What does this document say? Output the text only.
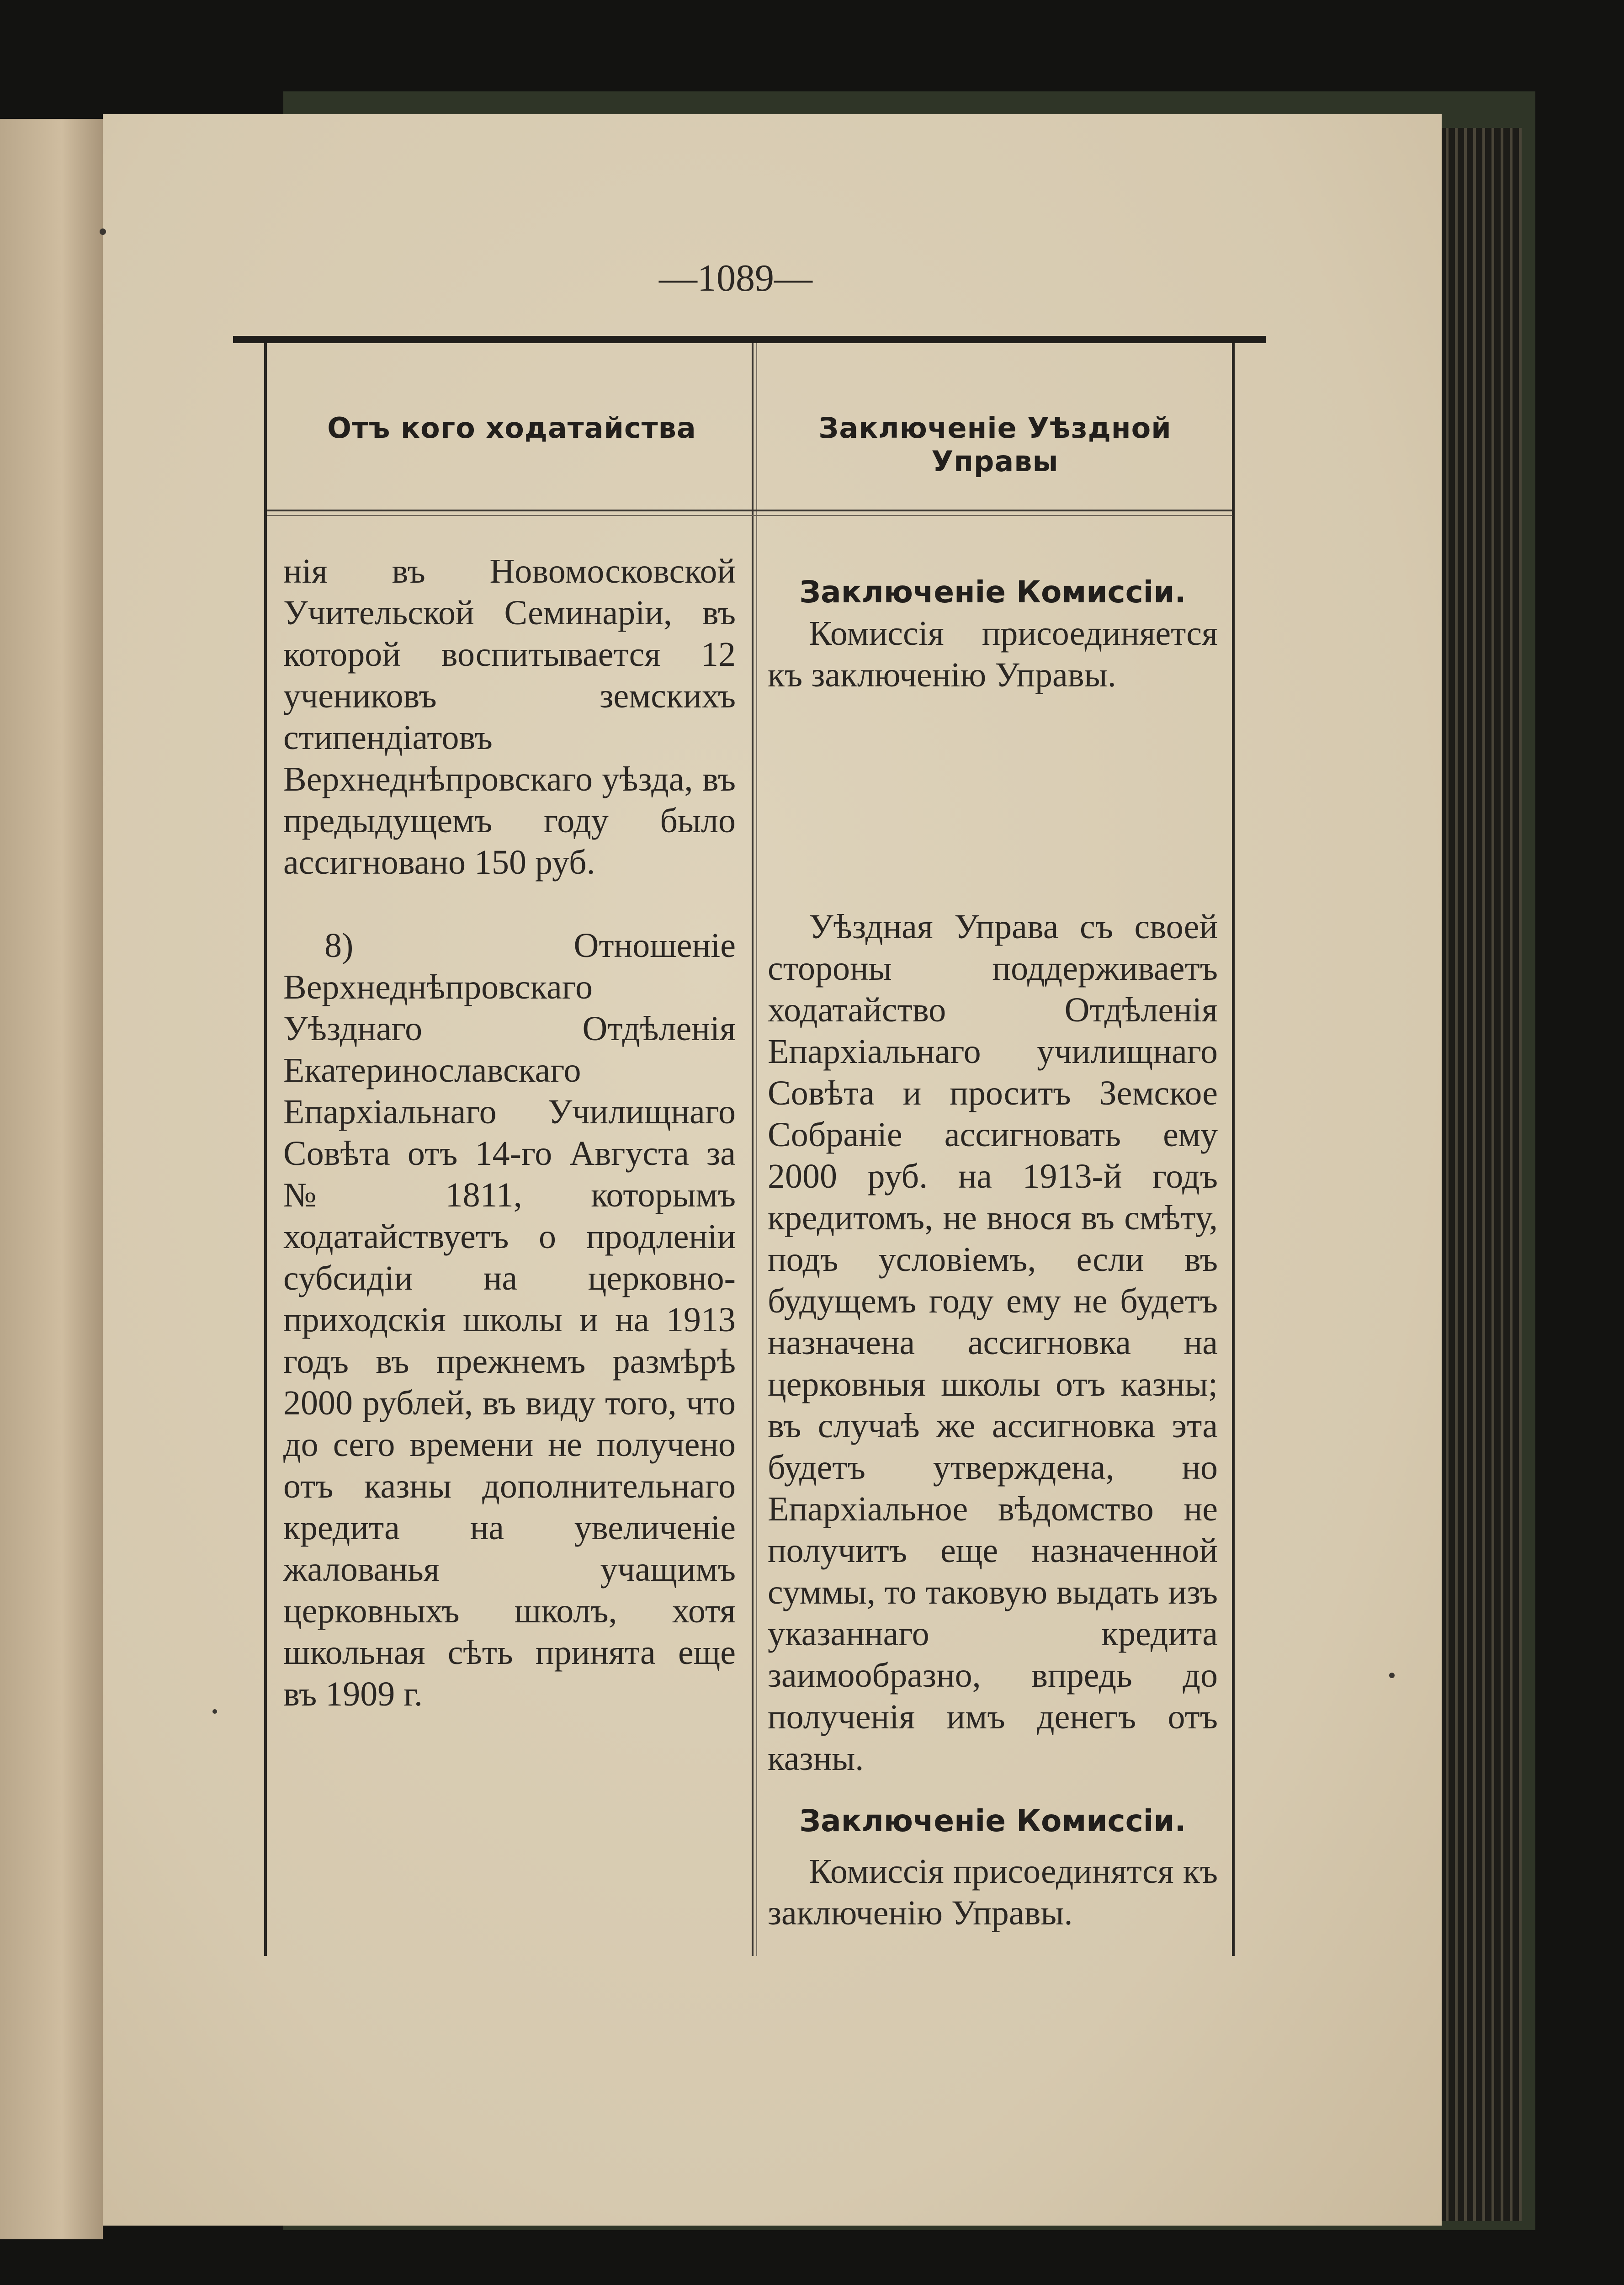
—1089—
Отъ кого ходатайства	Заключеніе Уѣздной Управы

нія въ Новомосковской Учительской Семинаріи, въ которой воспитывается 12 учениковъ земскихъ стипендіатовъ Верхнеднѣпровскаго уѣзда, въ предыдущемъ году было ассигновано 150 руб.

8) Отношеніе Верхнеднѣпровскаго Уѣзднаго Отдѣленія Екатеринославскаго Епархіальнаго Училищнаго Совѣта отъ 14-го Августа за № 1811, которымъ ходатайствуетъ о продленіи субсидіи на церковно-приходскія школы и на 1913 годъ въ прежнемъ размѣрѣ 2000 рублей, въ виду того, что до сего времени не получено отъ казны дополнительнаго кредита на увеличеніе жалованья учащимъ церковныхъ школъ, хотя школьная сѣть принята еще въ 1909 г.

Заключеніе Комиссіи.

Комиссія присоединяется къ заключенію Управы.

Уѣздная Управа съ своей стороны поддерживаетъ ходатайство Отдѣленія Епархіальнаго училищнаго Совѣта и проситъ Земское Собраніе ассигновать ему 2000 руб. на 1913-й годъ кредитомъ, не внося въ смѣту, подъ условіемъ, если въ будущемъ году ему не будетъ назначена ассигновка на церковныя школы отъ казны; въ случаѣ же ассигновка эта будетъ утверждена, но Епархіальное вѣдомство не получитъ еще назначенной суммы, то таковую выдать изъ указаннаго кредита заимообразно, впредь до полученія имъ денегъ отъ казны.

Заключеніе Комиссіи.

Комиссія присоединятся къ заключенію Управы.
